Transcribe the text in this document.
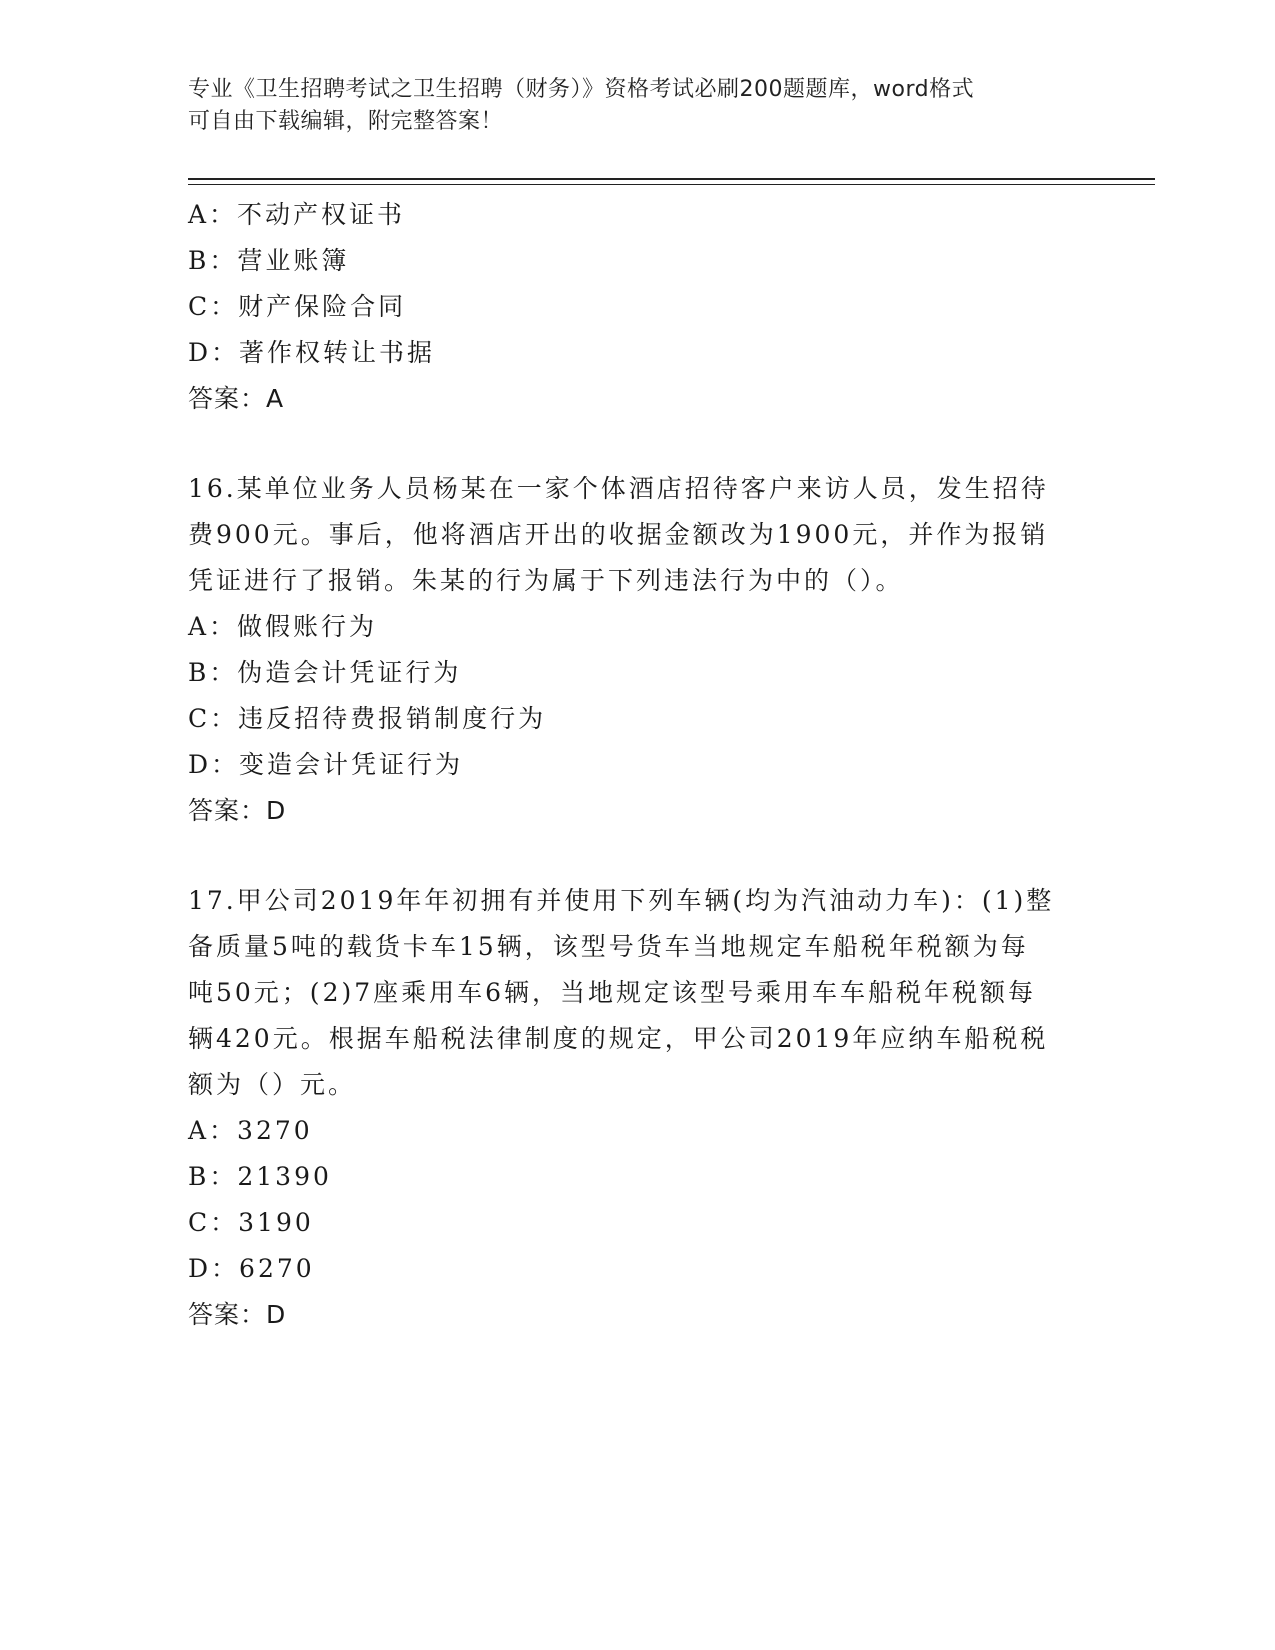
专业《卫生招聘考试之卫生招聘（财务）》资格考试必刷200题题库，word格式
可自由下载编辑，附完整答案！
A：不动产权证书
B：营业账簿
C：财产保险合同
D：著作权转让书据
答案：A
16.某单位业务人员杨某在一家个体酒店招待客户来访人员，发生招待
费900元。事后，他将酒店开出的收据金额改为1900元，并作为报销
凭证进行了报销。朱某的行为属于下列违法行为中的（）。
A：做假账行为
B：伪造会计凭证行为
C：违反招待费报销制度行为
D：变造会计凭证行为
答案：D
17.甲公司2019年年初拥有并使用下列车辆(均为汽油动力车)：(1)整
备质量5吨的载货卡车15辆，该型号货车当地规定车船税年税额为每
吨50元；(2)7座乘用车6辆，当地规定该型号乘用车车船税年税额每
辆420元。根据车船税法律制度的规定，甲公司2019年应纳车船税税
额为（）元。
A：3270
B：21390
C：3190
D：6270
答案：D
